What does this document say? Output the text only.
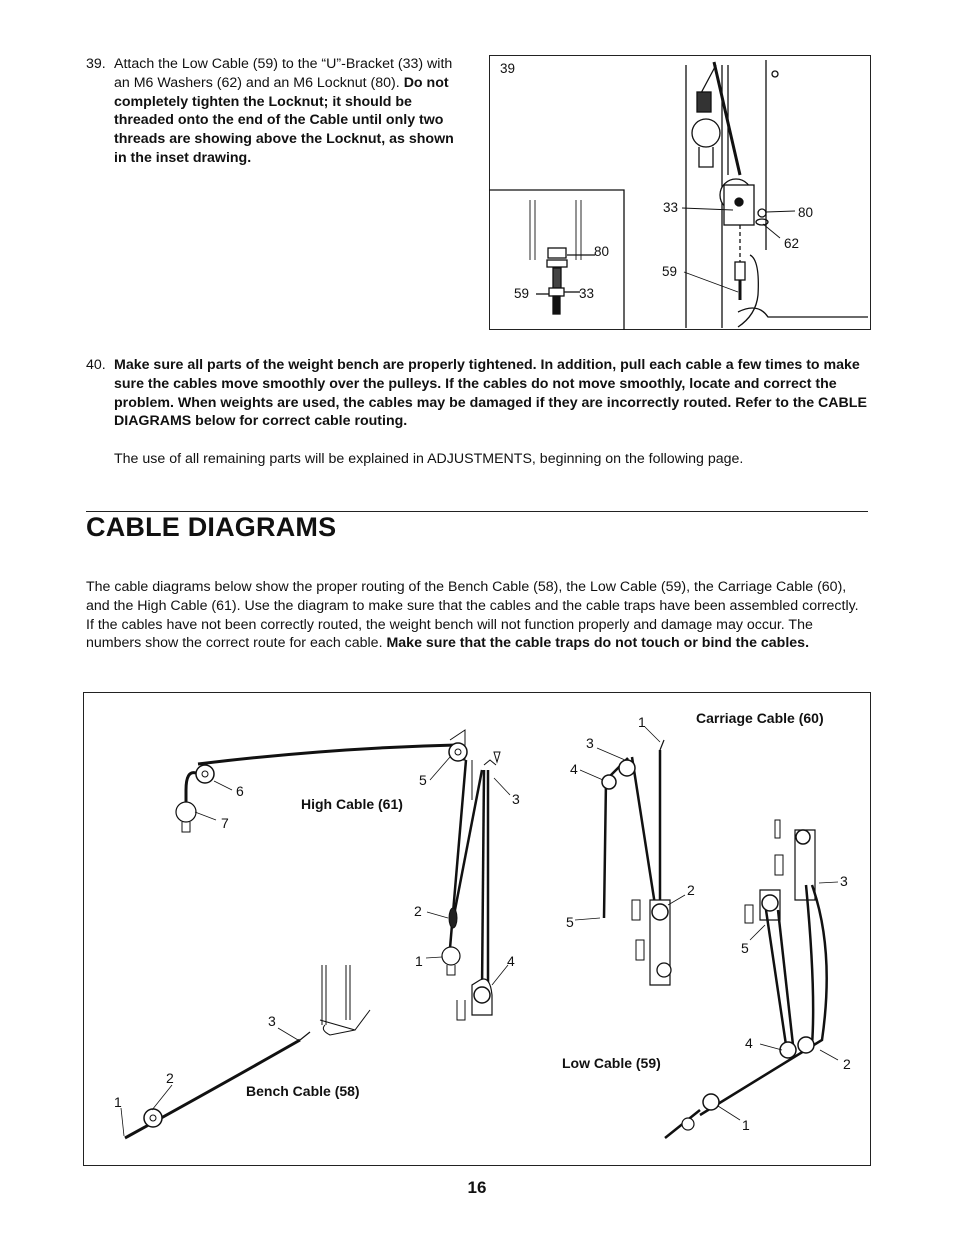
39. Attach the Low Cable (59) to the “U”-Bracket (33) with an M6 Washers (62) and an M6 Locknut (80). Do not completely tighten the Locknut; it should be threaded onto the end of the Cable until only two threads are showing above the Locknut, as shown in the inset drawing.
39
33	80
62
59
80
59	33
40. Make sure all parts of the weight bench are properly tightened. In addition, pull each cable a few times to make sure the cables move smoothly over the pulleys. If the cables do not move smoothly, locate and correct the problem. When weights are used, the cables may be damaged if they are incorrectly routed. Refer to the CABLE DIAGRAMS below for correct cable routing.
The use of all remaining parts will be explained in ADJUSTMENTS, beginning on the following page.
CABLE DIAGRAMS
The cable diagrams below show the proper routing of the Bench Cable (58), the Low Cable (59), the Carriage Cable (60), and the High Cable (61). Use the diagram to make sure that the cables and the cable traps have been assembled correctly. If the cables have not been correctly routed, the weight bench will not function properly and damage may occur. The numbers show the correct route for each cable. Make sure that the cable traps do not touch or bind the cables.
High Cable (61)
Carriage Cable (60)
Low Cable (59)
Bench Cable (58)
1
2
3
4
5
6
7
1
2
3
4
5
1
2
3
4
5
1
2
3
16
